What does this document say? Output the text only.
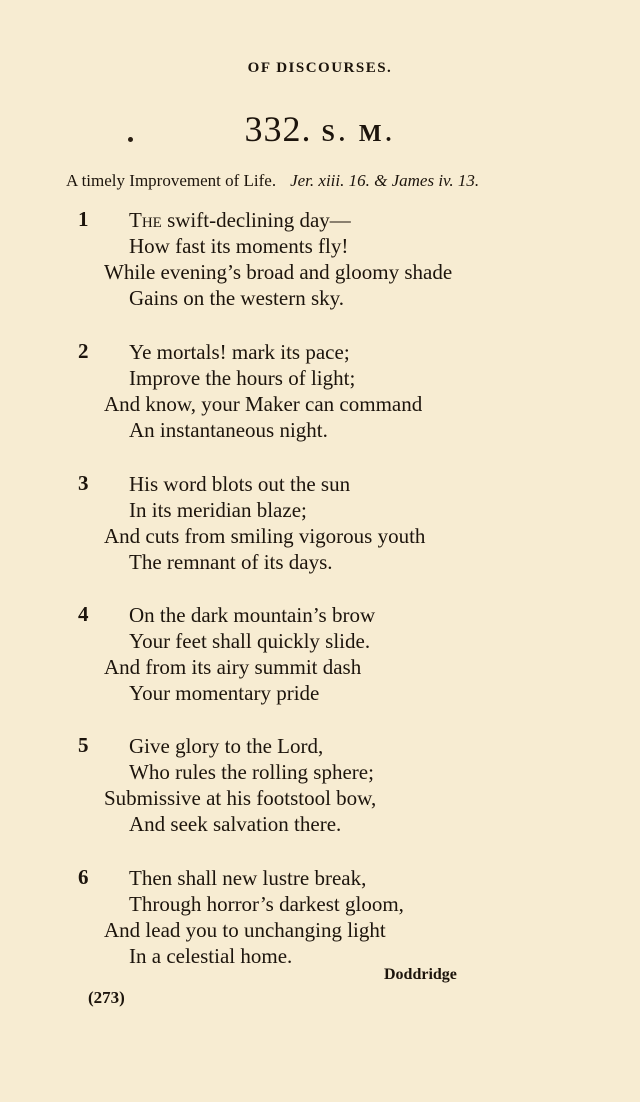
OF DISCOURSES.
332. S. M.
A timely Improvement of Life. Jer. xiii. 16. & James iv. 13.
1 The swift-declining day—
How fast its moments fly!
While evening’s broad and gloomy shade
Gains on the western sky.
2 Ye mortals! mark its pace;
Improve the hours of light;
And know, your Maker can command
An instantaneous night.
3 His word blots out the sun
In its meridian blaze;
And cuts from smiling vigorous youth
The remnant of its days.
4 On the dark mountain’s brow
Your feet shall quickly slide.
And from its airy summit dash
Your momentary pride
5 Give glory to the Lord,
Who rules the rolling sphere;
Submissive at his footstool bow,
And seek salvation there.
6 Then shall new lustre break,
Through horror’s darkest gloom,
And lead you to unchanging light
In a celestial home.
Doddridge
(273)
